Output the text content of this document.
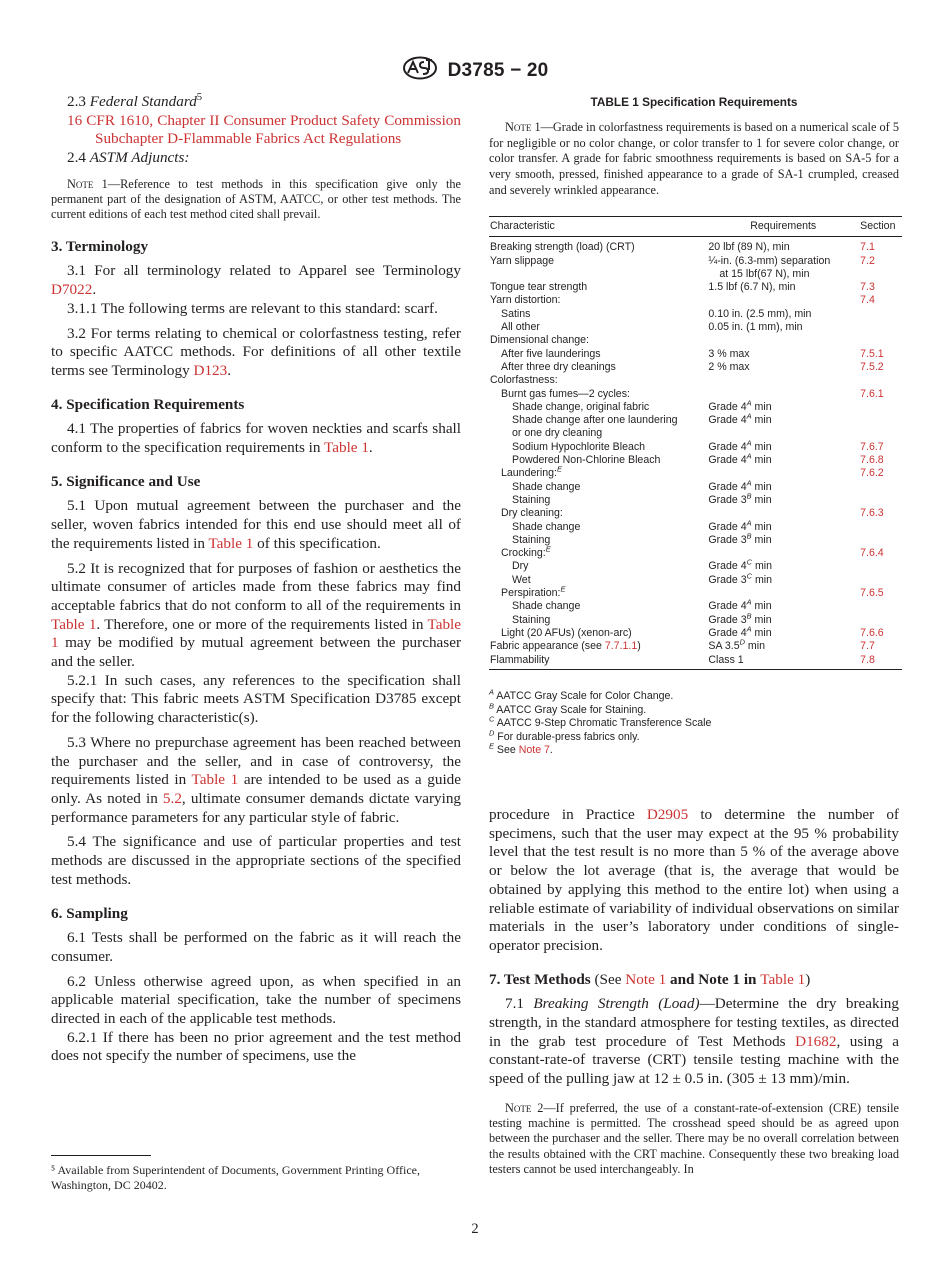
D3785 − 20

2.3 Federal Standard$^5$

16 CFR 1610, Chapter II Consumer Product Safety Commission Subchapter D-Flammable Fabrics Act Regulations

2.4 ASTM Adjuncts:

Note 1—Reference to test methods in this specification give only the permanent part of the designation of ASTM, AATCC, or other test methods. The current editions of each test method cited shall prevail.

3. Terminology

3.1 For all terminology related to Apparel see Terminology D7022.

3.1.1 The following terms are relevant to this standard: scarf.

3.2 For terms relating to chemical or colorfastness testing, refer to specific AATCC methods. For definitions of all other textile terms see Terminology D123.

4. Specification Requirements

4.1 The properties of fabrics for woven neckties and scarfs shall conform to the specification requirements in Table 1.

5. Significance and Use

5.1 Upon mutual agreement between the purchaser and the seller, woven fabrics intended for this end use should meet all of the requirements listed in Table 1 of this specification.

5.2 It is recognized that for purposes of fashion or aesthetics the ultimate consumer of articles made from these fabrics may find acceptable fabrics that do not conform to all of the requirements in Table 1. Therefore, one or more of the requirements listed in Table 1 may be modified by mutual agreement between the purchaser and the seller.

5.2.1 In such cases, any references to the specification shall specify that: This fabric meets ASTM Specification D3785 except for the following characteristic(s).

5.3 Where no prepurchase agreement has been reached between the purchaser and the seller, and in case of controversy, the requirements listed in Table 1 are intended to be used as a guide only. As noted in 5.2, ultimate consumer demands dictate varying performance parameters for any particular style of fabric.

5.4 The significance and use of particular properties and test methods are discussed in the appropriate sections of the specified test methods.

6. Sampling

6.1 Tests shall be performed on the fabric as it will reach the consumer.

6.2 Unless otherwise agreed upon, as when specified in an applicable material specification, take the number of specimens directed in each of the applicable test methods.

6.2.1 If there has been no prior agreement and the test method does not specify the number of specimens, use the

⁵ Available from Superintendent of Documents, Government Printing Office, Washington, DC 20402.
TABLE 1 Specification Requirements
Note 1—Grade in colorfastness requirements is based on a numerical scale of 5 for negligible or no color change, or color transfer to 1 for severe color change, or color transfer. A grade for fabric smoothness requirements is based on SA-5 for a very smooth, pressed, finished appearance to a grade of SA-1 crumpled, creased and severely wrinkled appearance.
Characteristic	Requirements	Section
Breaking strength (load) (CRT)	20 lbf (89 N), min	7.1
Yarn slippage	¼-in. (6.3-mm) separation	7.2
	at 15 lbf(67 N), min	
Tongue tear strength	1.5 lbf (6.7 N), min	7.3
Yarn distortion:		7.4
Satins	0.10 in. (2.5 mm), min	
All other	0.05 in. (1 mm), min	
Dimensional change:		
After five launderings	3 % max	7.5.1
After three dry cleanings	2 % max	7.5.2
Colorfastness:		
Burnt gas fumes—2 cycles:		7.6.1
Shade change, original fabric	Grade $4^A$ min	
Shade change after one laundering	Grade $4^A$ min	
or one dry cleaning		
Sodium Hypochlorite Bleach	Grade $4^A$ min	7.6.7
Powdered Non-Chlorine Bleach	Grade $4^A$ min	7.6.8
Laundering:$^E$		7.6.2
Shade change	Grade $4^A$ min	
Staining	Grade $3^B$ min	
Dry cleaning:		7.6.3
Shade change	Grade $4^A$ min	
Staining	Grade $3^B$ min	
Crocking:$^E$		7.6.4
Dry	Grade $4^C$ min	
Wet	Grade $3^C$ min	
Perspiration:$^E$		7.6.5
Shade change	Grade $4^A$ min	
Staining	Grade $3^B$ min	
Light (20 AFUs) (xenon-arc)	Grade $4^A$ min	7.6.6
Fabric appearance (see 7.7.1.1)	SA $3.5^D$ min	7.7
Flammability	Class 1	7.8
$^A$ AATCC Gray Scale for Color Change.
$^B$ AATCC Gray Scale for Staining.
$^C$ AATCC 9-Step Chromatic Transference Scale
$^D$ For durable-press fabrics only.
$^E$ See Note 7.

procedure in Practice D2905 to determine the number of specimens, such that the user may expect at the 95 % probability level that the test result is no more than 5 % of the average above or below the lot average (that is, the average that would be obtained by applying this method to the entire lot) when using a reliable estimate of variability of individual observations on similar materials in the user’s laboratory under conditions of single-operator precision.

7. Test Methods (See Note 1 and Note 1 in Table 1)

7.1 Breaking Strength (Load)—Determine the dry breaking strength, in the standard atmosphere for testing textiles, as directed in the grab test procedure of Test Methods D1682, using a constant-rate-of traverse (CRT) tensile testing machine with the speed of the pulling jaw at 12 ± 0.5 in. (305 ± 13 mm)/min.

Note 2—If preferred, the use of a constant-rate-of-extension (CRE) tensile testing machine is permitted. The crosshead speed should be as agreed upon between the purchaser and the seller. There may be no overall correlation between the results obtained with the CRT machine. Consequently these two breaking load testers cannot be used interchangeably. In

2
